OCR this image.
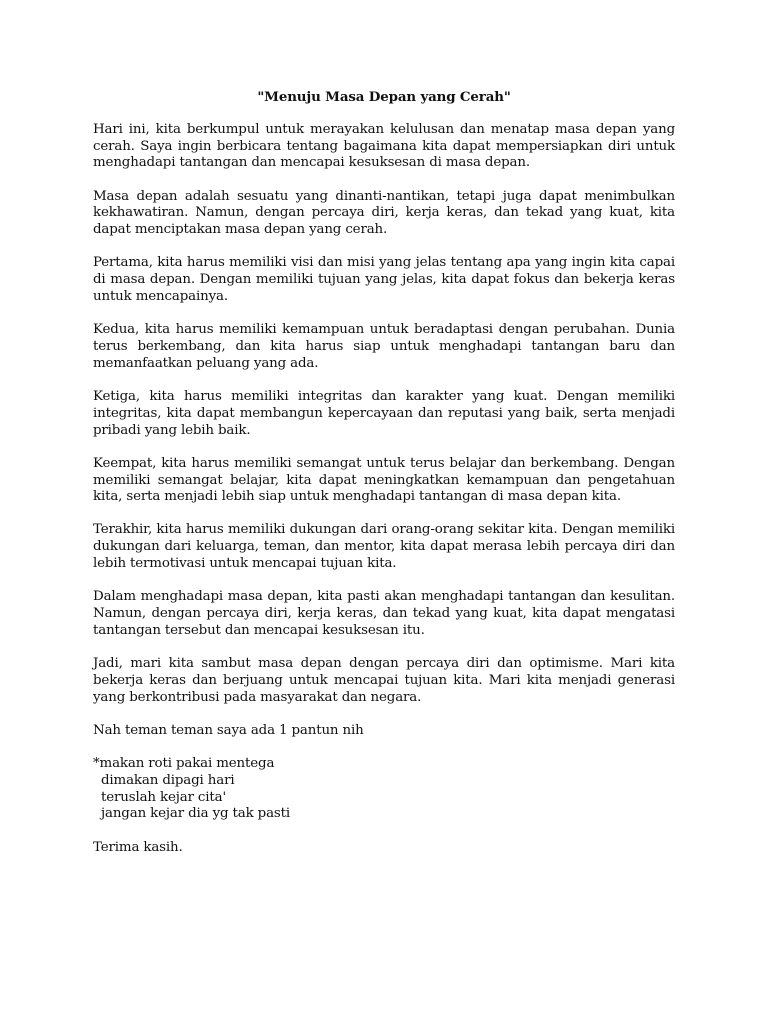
"Menuju Masa Depan yang Cerah"

Hari ini, kita berkumpul untuk merayakan kelulusan dan menatap masa depan yang cerah. Saya ingin berbicara tentang bagaimana kita dapat mempersiapkan diri untuk menghadapi tantangan dan mencapai kesuksesan di masa depan.

Masa depan adalah sesuatu yang dinanti-nantikan, tetapi juga dapat menimbulkan kekhawatiran. Namun, dengan percaya diri, kerja keras, dan tekad yang kuat, kita dapat menciptakan masa depan yang cerah.

Pertama, kita harus memiliki visi dan misi yang jelas tentang apa yang ingin kita capai di masa depan. Dengan memiliki tujuan yang jelas, kita dapat fokus dan bekerja keras untuk mencapainya.

Kedua, kita harus memiliki kemampuan untuk beradaptasi dengan perubahan. Dunia terus berkembang, dan kita harus siap untuk menghadapi tantangan baru dan memanfaatkan peluang yang ada.

Ketiga, kita harus memiliki integritas dan karakter yang kuat. Dengan memiliki integritas, kita dapat membangun kepercayaan dan reputasi yang baik, serta menjadi pribadi yang lebih baik.

Keempat, kita harus memiliki semangat untuk terus belajar dan berkembang. Dengan memiliki semangat belajar, kita dapat meningkatkan kemampuan dan pengetahuan kita, serta menjadi lebih siap untuk menghadapi tantangan di masa depan kita.

Terakhir, kita harus memiliki dukungan dari orang-orang sekitar kita. Dengan memiliki dukungan dari keluarga, teman, dan mentor, kita dapat merasa lebih percaya diri dan lebih termotivasi untuk mencapai tujuan kita.

Dalam menghadapi masa depan, kita pasti akan menghadapi tantangan dan kesulitan. Namun, dengan percaya diri, kerja keras, dan tekad yang kuat, kita dapat mengatasi tantangan tersebut dan mencapai kesuksesan itu.

Jadi, mari kita sambut masa depan dengan percaya diri dan optimisme. Mari kita bekerja keras dan berjuang untuk mencapai tujuan kita. Mari kita menjadi generasi yang berkontribusi pada masyarakat dan negara.

Nah teman teman saya ada 1 pantun nih

*makan roti pakai mentega
dimakan dipagi hari
teruslah kejar cita'
jangan kejar dia yg tak pasti

Terima kasih.
